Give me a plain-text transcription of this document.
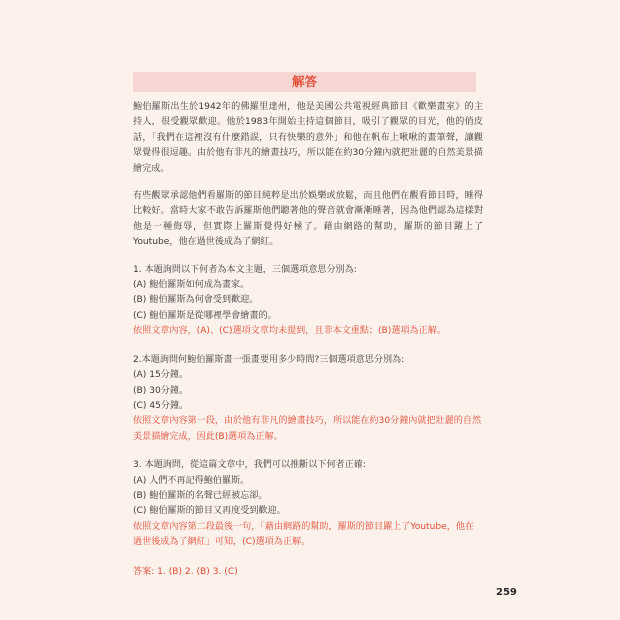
解答

鮑伯羅斯出生於1942年的佛羅里達州，他是美國公共電視經典節目《歡樂畫室》的主持人，很受觀眾歡迎。他於1983年開始主持這個節目，吸引了觀眾的目光，他的俏皮話，「我們在這裡沒有什麼錯誤，只有快樂的意外」和他在帆布上啾啾的畫筆聲，讓觀眾覺得很逗趣。由於他有非凡的繪畫技巧，所以能在約30分鐘內就把壯麗的自然美景描繪完成。

有些觀眾承認他們看羅斯的節目純粹是出於娛樂或放鬆，而且他們在觀看節目時，睡得比較好。當時大家不敢告訴羅斯他們聽著他的聲音就會漸漸睡著，因為他們認為這樣對他是一種侮辱，但實際上羅斯覺得好極了。藉由網路的幫助，羅斯的節目躍上了Youtube，他在過世後成為了網紅。

1. 本題詢問以下何者為本文主題，三個選項意思分別為:

(A) 鮑伯羅斯如何成為畫家。

(B) 鮑伯羅斯為何會受到歡迎。

(C) 鮑伯羅斯是從哪裡學會繪畫的。

依照文章內容，(A)、(C)選項文章均未提到，且非本文重點；(B)選項為正解。

2.本題詢問何鮑伯羅斯畫一張畫要用多少時間?三個選項意思分別為:

(A) 15分鐘。

(B) 30分鐘。

(C) 45分鐘。

依照文章內容第一段，由於他有非凡的繪畫技巧，所以能在約30分鐘內就把壯麗的自然美景描繪完成，因此(B)選項為正解。

3. 本題詢問，從這篇文章中，我們可以推斷以下何者正確:

(A) 人們不再記得鮑伯羅斯。

(B) 鮑伯羅斯的名聲已經被忘卻。

(C) 鮑伯羅斯的節目又再度受到歡迎。

依照文章內容第二段最後一句，「藉由網路的幫助，羅斯的節目躍上了Youtube，他在過世後成為了網紅」可知，(C)選項為正解。

答案: 1. (B) 2. (B) 3. (C)

259
